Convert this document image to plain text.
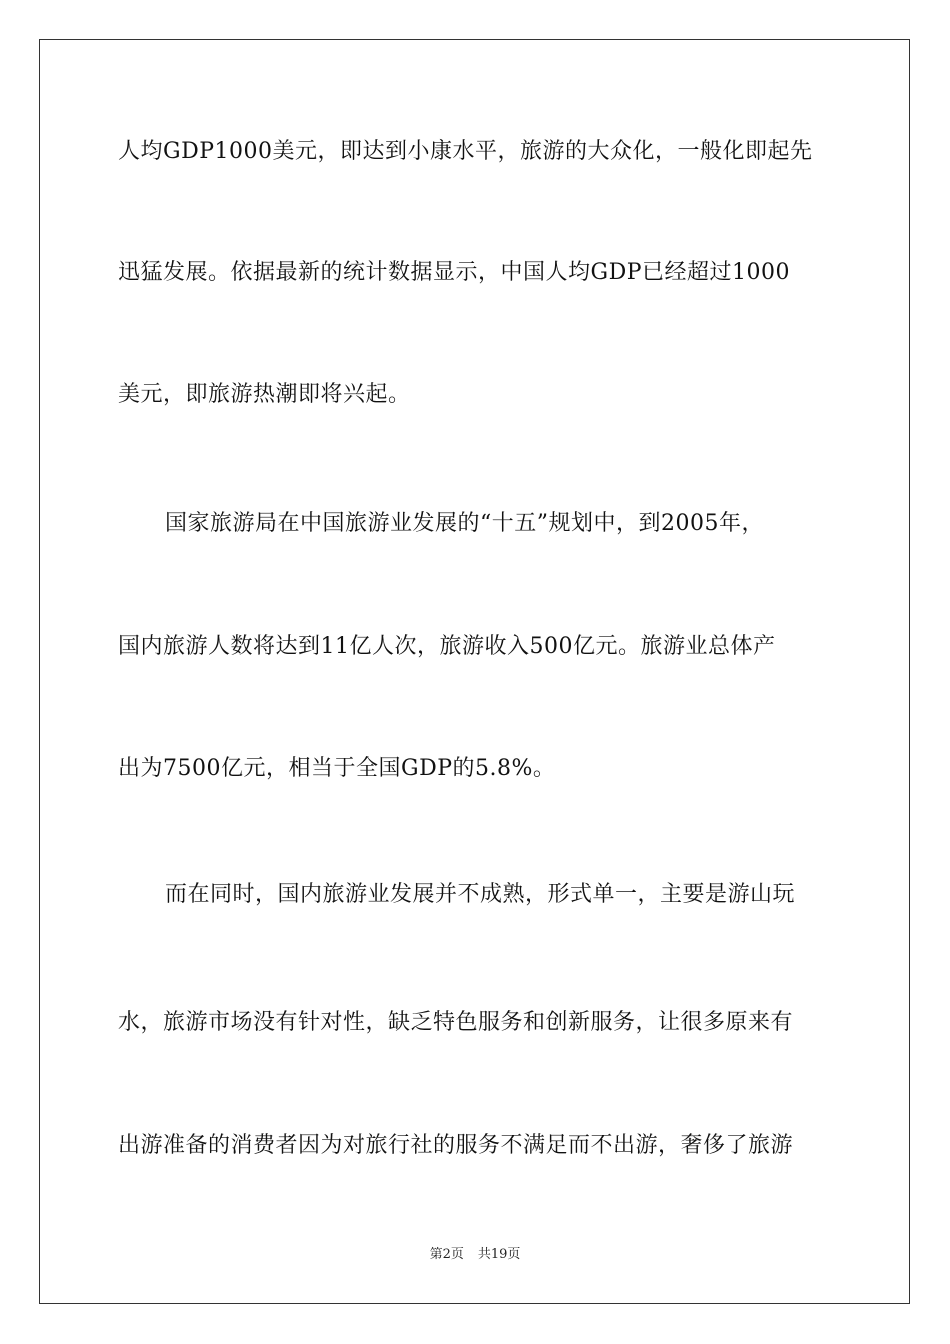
人均GDP1000美元，即达到小康水平，旅游的大众化，一般化即起先
迅猛发展。依据最新的统计数据显示，中国人均GDP已经超过1000
美元，即旅游热潮即将兴起。
国家旅游局在中国旅游业发展的“十五”规划中，到2005年，
国内旅游人数将达到11亿人次，旅游收入500亿元。旅游业总体产
出为7500亿元，相当于全国GDP的5.8%。
而在同时，国内旅游业发展并不成熟，形式单一，主要是游山玩
水，旅游市场没有针对性，缺乏特色服务和创新服务，让很多原来有
出游准备的消费者因为对旅行社的服务不满足而不出游，奢侈了旅游
第2页 共19页
